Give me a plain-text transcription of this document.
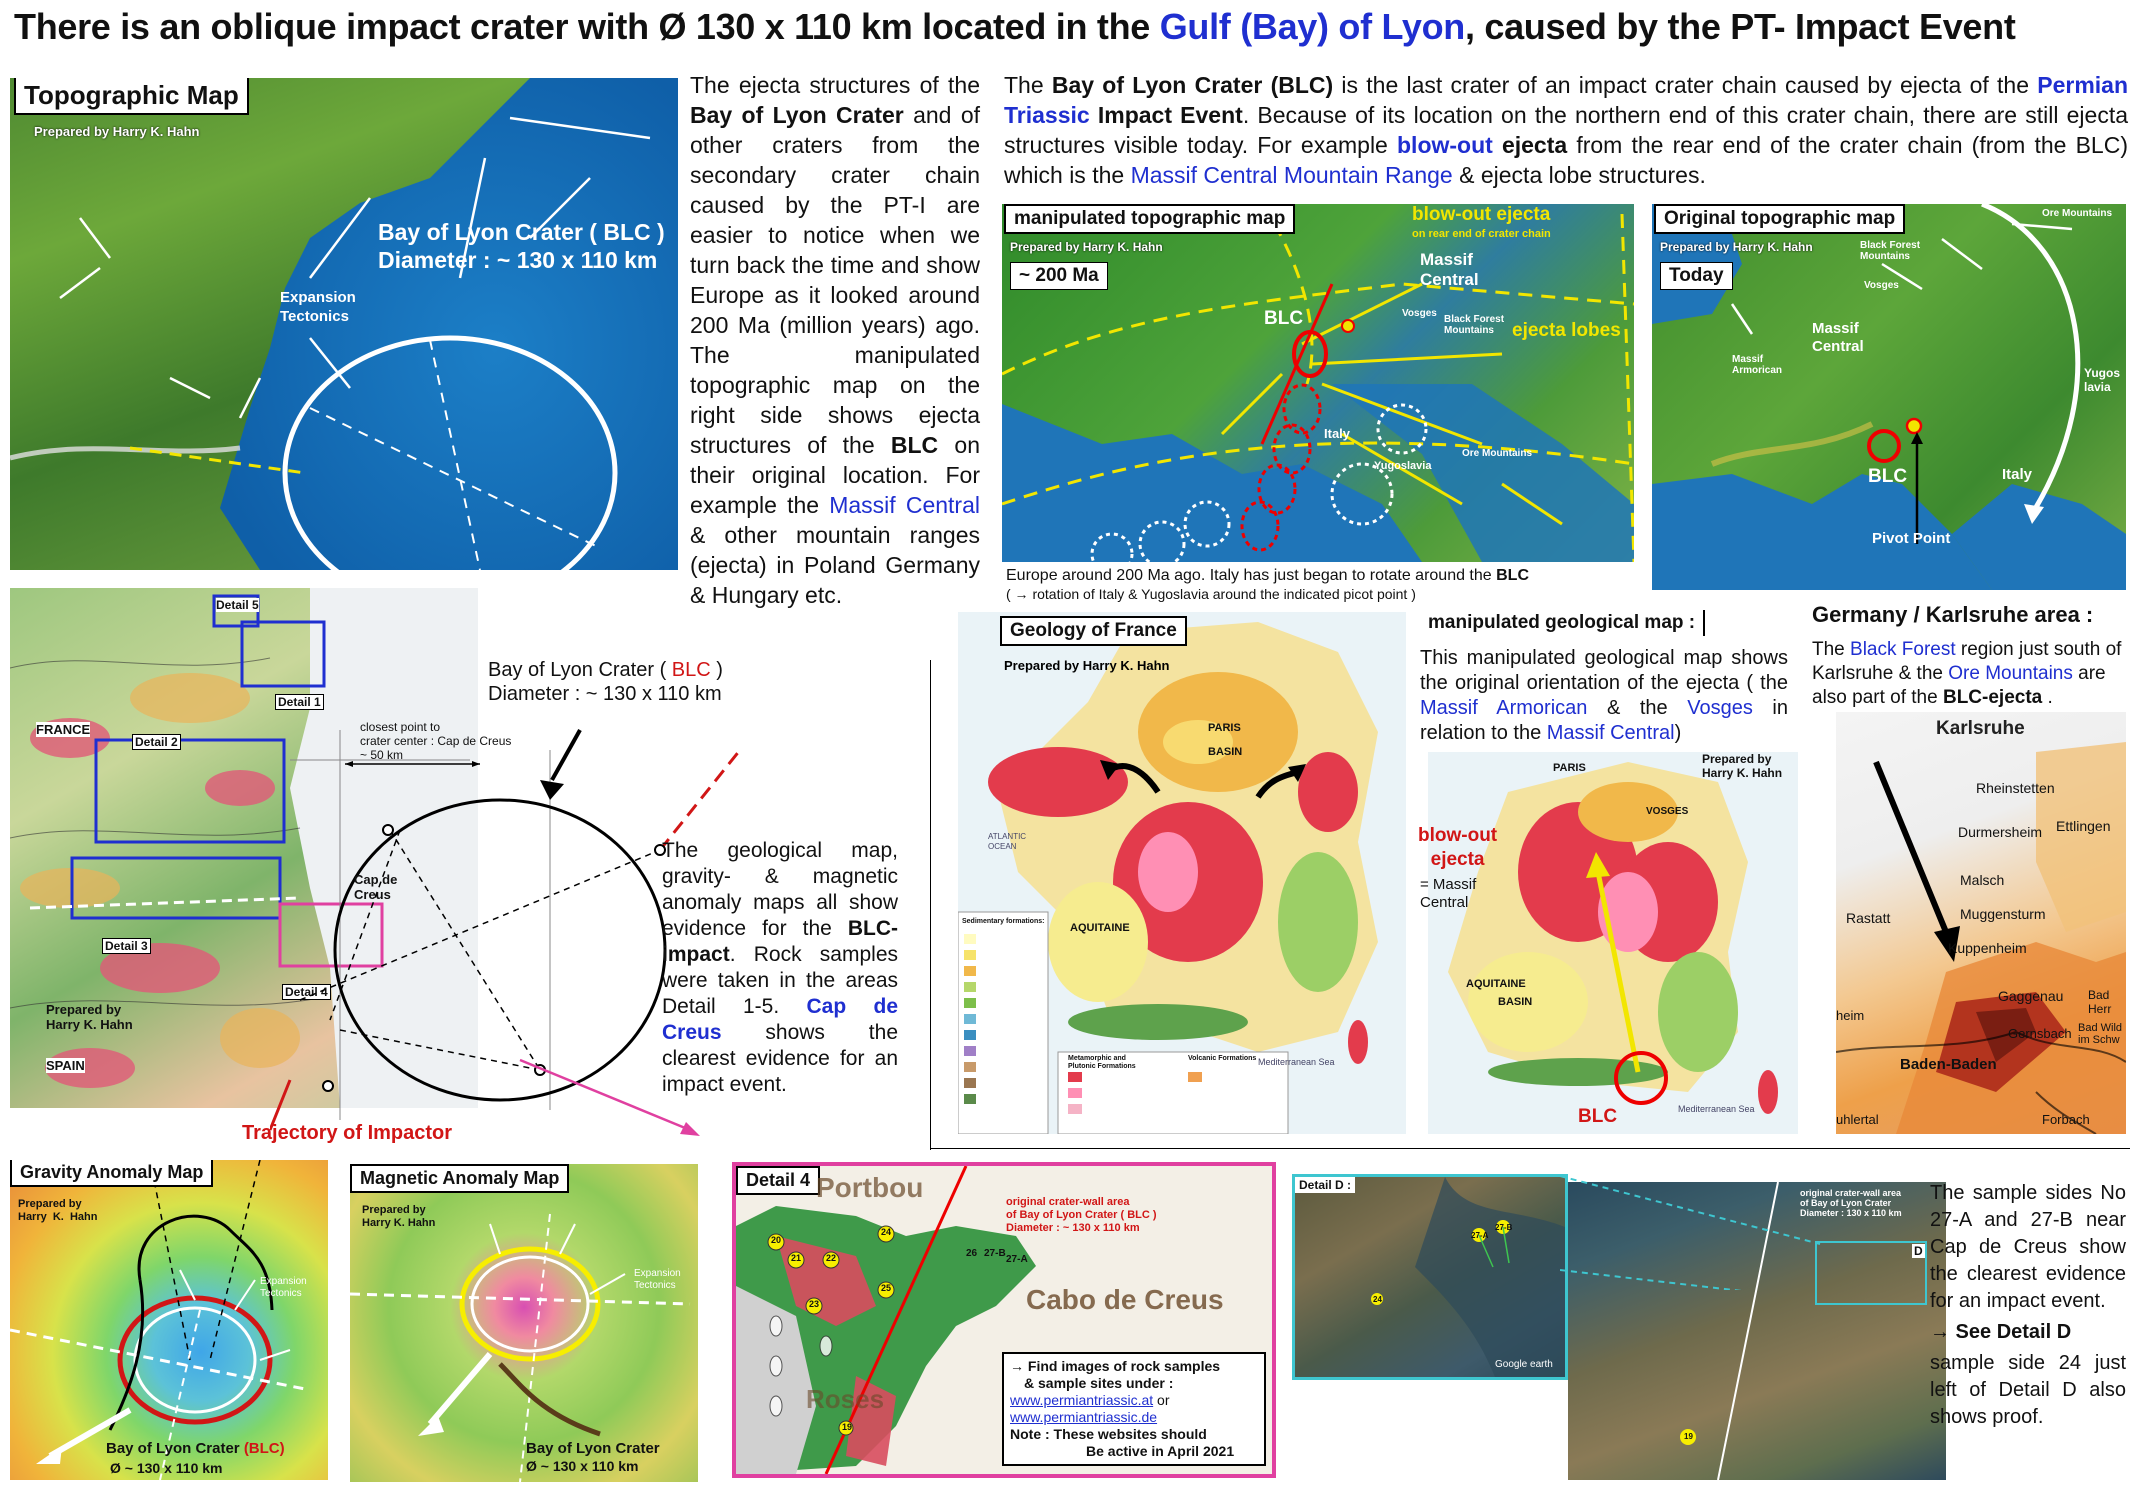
There is an oblique impact crater with Ø 130 x 110 km located in the Gulf (Bay) of Lyon, caused by the PT- Impact Event
Topographic Map
Prepared by Harry K. Hahn
Bay of Lyon Crater ( BLC )
Diameter : ~ 130 x 110 km
Expansion
Tectonics
The ejecta structures of the Bay of Lyon Crater and of other craters from the secondary crater chain caused by the PT-I are easier to notice when we turn back the time and show Europe as it looked around 200 Ma (million years) ago. The manipulated topographic map on the right side shows ejecta structures of the BLC on their original location. For example the Massif Central & other mountain ranges (ejecta) in Poland Germany & Hungary etc.
The Bay of Lyon Crater (BLC) is the last crater of an impact crater chain caused by ejecta of the Permian Triassic Impact Event. Because of its location on the northern end of this crater chain, there are still ejecta structures visible today. For example blow-out ejecta from the rear end of the crater chain (from the BLC) which is the Massif Central Mountain Range & ejecta lobe structures.
manipulated topographic map
Prepared by Harry K. Hahn
~ 200 Ma
blow-out ejecta
on rear end of crater chain
Massif
Central
Vosges
Black Forest
Mountains ejecta lobes
BLC
Italy
Yugoslavia
Ore Mountains
Europe around 200 Ma ago. Italy has just began to rotate around the BLC
( → rotation of Italy & Yugoslavia around the indicated picot point )
Original topographic map
Prepared by Harry K. Hahn
Today
Ore Mountains
Black Forest
Mountains
Vosges
Massif
Central
Massif
Armorican	Yugos
lavia
BLC	Italy
Pivot Point
Detail 5
Detail 1
Detail 2
Detail 3
Detail 4
FRANCE
SPAIN
Prepared by
Harry K. Hahn
Bay of Lyon Crater ( BLC )
Diameter : ~ 130 x 110 km
closest point to
crater center : Cap de Creus
~ 50 km
Cap de
Creus
Trajectory of Impactor
The geological map, gravity- & magnetic anomaly maps all show evidence for the BLC-impact. Rock samples were taken in the areas Detail 1-5. Cap de Creus shows the clearest evidence for an impact event.
Prepared by Harry K. Hahn
PARIS
BASIN
AQUITAINE
ATLANTIC
OCEAN
Mediterranean Sea
Sedimentary formations:
Metamorphic and
Plutonic Formations
Volcanic Formations
Geology of France	manipulated geological map :
This manipulated geological map shows the original orientation of the ejecta ( the Massif Armorican & the Vosges in relation to the Massif Central)
PARIS
VOSGES
AQUITAINE
BASIN
Mediterranean Sea
Prepared by
Harry K. Hahn
BLC
blow-out
ejecta
= Massif
Central
Germany / Karlsruhe area :
The Black Forest region just south of Karlsruhe & the Ore Mountains are also part of the BLC-ejecta .
Karlsruhe
Rheinstetten
Ettlingen
Durmersheim
Malsch
Rastatt	Muggensturm
Kuppenheim
Gaggenau Bad Herr
Gernsbach Bad Wild im Schw
Baden-Baden
Forbach
heim
uhlertal
Gravity Anomaly Map
Prepared by
Harry  K.  Hahn
Expansion
Tectonics
Bay of Lyon Crater (BLC)
Ø ~ 130 x 110 km
Magnetic Anomaly Map
Prepared by
Harry K. Hahn
Expansion
Tectonics
Bay of Lyon Crater
Ø ~ 130 x 110 km
Detail 4 Portbou	original crater-wall area
of Bay of Lyon Crater ( BLC )
Diameter : ~ 130 x 110 km
Cabo de Creus
Roses
20
21	22
24
26 27-B
27-A
23
25
19
→ Find images of rock samples
& sample sites under :
www.permiantriassic.at or
www.permiantriassic.de
Note : These websites should
Be active in April 2021
Detail D :
27-A
27-B
24
Google earth
original crater-wall area
of Bay of Lyon Crater
Diameter : 130 x 110 km
D
19
The sample sides No 27-A and 27-B near Cap de Creus show the clearest evidence for an impact event.
→ See Detail D
sample side 24 just left of Detail D also shows proof.
